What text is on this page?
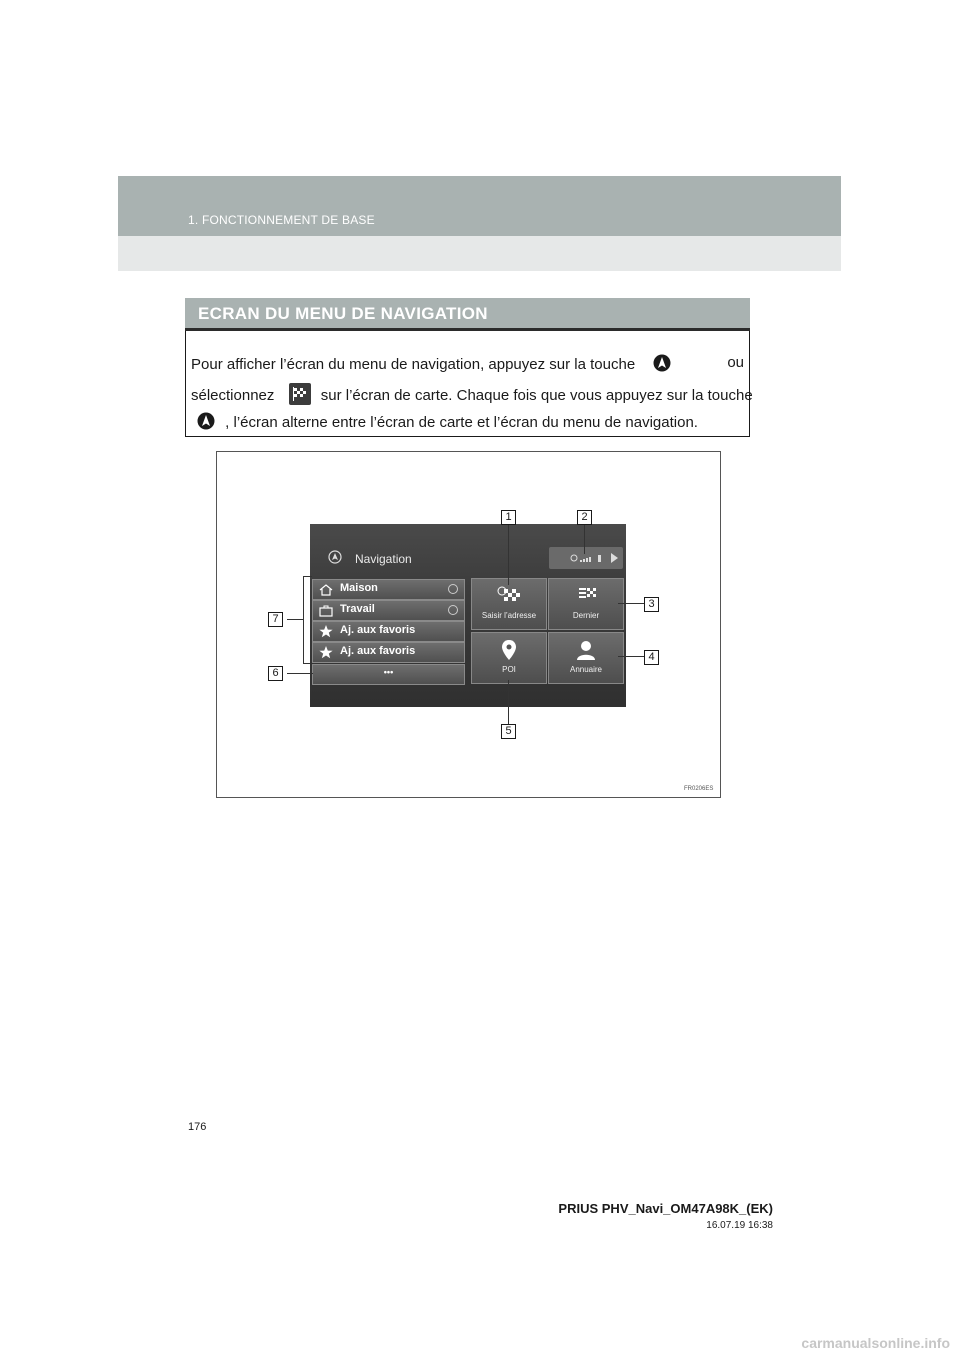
1. FONCTIONNEMENT DE BASE
ECRAN DU MENU DE NAVIGATION
Pour afficher l’écran du menu de navigation, appuyez sur la touche	ou
sélectionnez	sur l’écran de carte. Chaque fois que vous appuyez sur la touche
, l’écran alterne entre l’écran de carte et l’écran du menu de navigation.
Navigation
Maison
Travail
Aj. aux favoris
Aj. aux favoris
•••
Saisir l’adresse	Dernier
POI	Annuaire
1	2
3
4
5
6
7
FR0206ES
176
PRIUS PHV_Navi_OM47A98K_(EK)
16.07.19 16:38
carmanualsonline.info
